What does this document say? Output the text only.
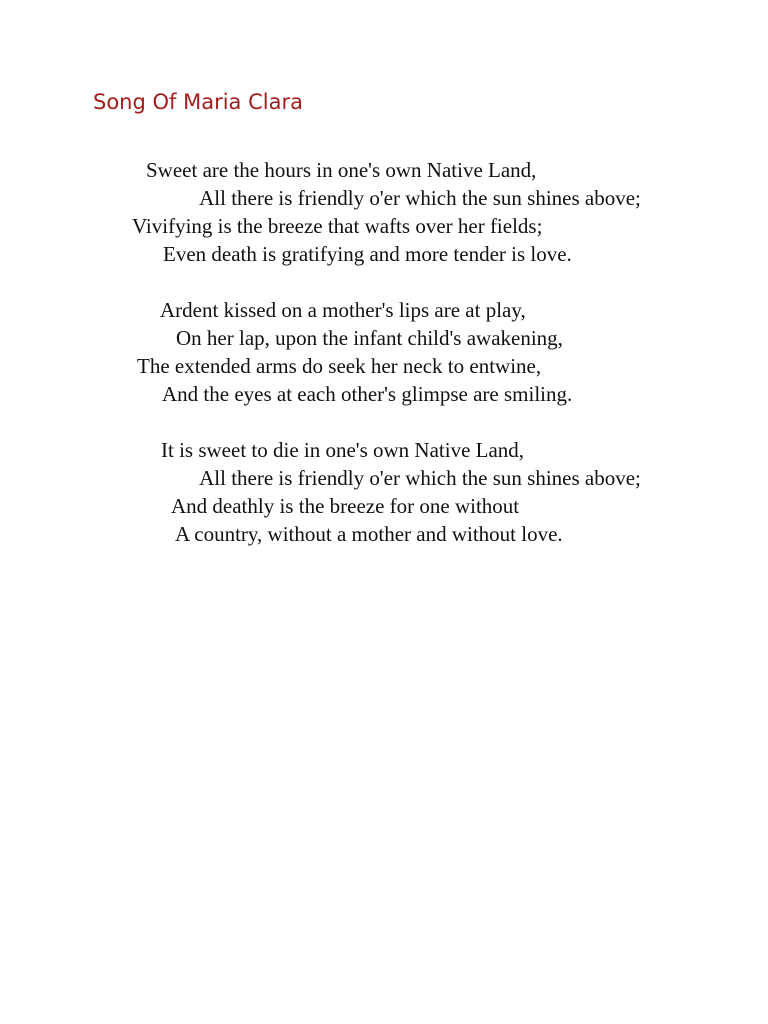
Song Of Maria Clara
Sweet are the hours in one's own Native Land,
All there is friendly o'er which the sun shines above;
Vivifying is the breeze that wafts over her fields;
Even death is gratifying and more tender is love.
Ardent kissed on a mother's lips are at play,
On her lap, upon the infant child's awakening,
The extended arms do seek her neck to entwine,
And the eyes at each other's glimpse are smiling.
It is sweet to die in one's own Native Land,
All there is friendly o'er which the sun shines above;
And deathly is the breeze for one without
A country, without a mother and without love.
